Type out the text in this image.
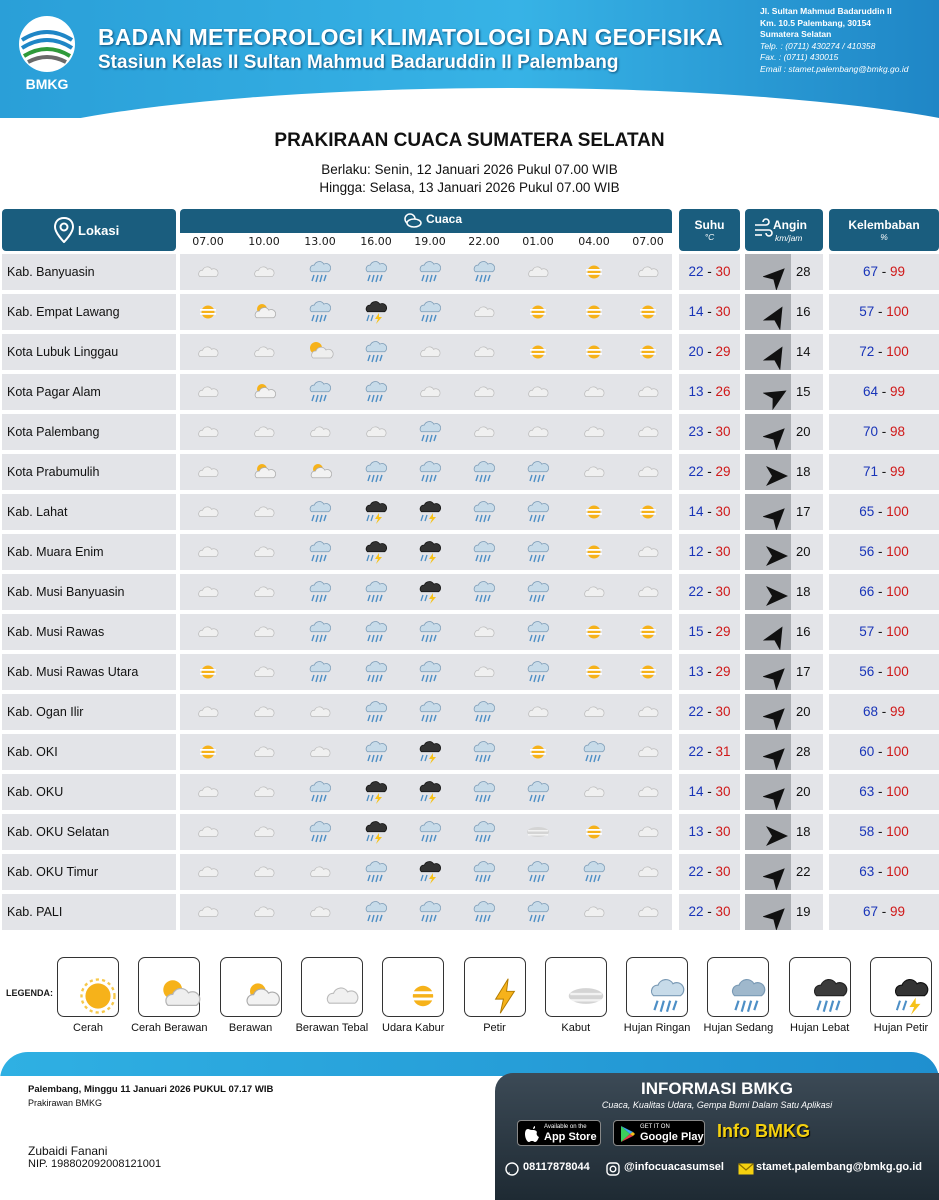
BMKG
BADAN METEOROLOGI KLIMATOLOGI DAN GEOFISIKA
Stasiun Kelas II Sultan Mahmud Badaruddin II Palembang
Jl. Sultan Mahmud Badaruddin II
Km. 10.5 Palembang, 30154
Sumatera Selatan
Telp. : (0711) 430274 / 410358
Fax. : (0711) 430015
Email : stamet.palembang@bmkg.go.id
PRAKIRAAN CUACA SUMATERA SELATAN
Berlaku: Senin, 12 Januari 2026 Pukul 07.00 WIB
Hingga: Selasa, 13 Januari 2026 Pukul 07.00 WIB
Lokasi
Cuaca
07.00	10.00	13.00	16.00	19.00	22.00	01.00	04.00	07.00
Suhu
°C
Angin
km/jam
Kelembaban
%
Kab. Banyuasin	22 - 30	28	67 - 99
Kab. Empat Lawang	14 - 30	16	57 - 100
Kota Lubuk Linggau	20 - 29	14	72 - 100
Kota Pagar Alam	13 - 26	15	64 - 99
Kota Palembang	23 - 30	20	70 - 98
Kota Prabumulih	22 - 29	18	71 - 99
Kab. Lahat	14 - 30	17	65 - 100
Kab. Muara Enim	12 - 30	20	56 - 100
Kab. Musi Banyuasin	22 - 30	18	66 - 100
Kab. Musi Rawas	15 - 29	16	57 - 100
Kab. Musi Rawas Utara	13 - 29	17	56 - 100
Kab. Ogan Ilir	22 - 30	20	68 - 99
Kab. OKI	22 - 31	28	60 - 100
Kab. OKU	14 - 30	20	63 - 100
Kab. OKU Selatan	13 - 30	18	58 - 100
Kab. OKU Timur	22 - 30	22	63 - 100
Kab. PALI	22 - 30	19	67 - 99
LEGENDA:
Cerah	Cerah Berawan	Berawan	Berawan Tebal	Udara Kabur	Petir	Kabut	Hujan Ringan	Hujan Sedang	Hujan Lebat	Hujan Petir
Palembang, Minggu 11 Januari 2026 PUKUL 07.17 WIB
Prakirawan BMKG
Zubaidi Fanani
NIP. 198802092008121001
INFORMASI BMKG
Cuaca, Kualitas Udara, Gempa Bumi Dalam Satu Aplikasi
Available on the
App Store
GET IT ON
Google Play Info BMKG
08117878044	@infocuacasumsel	stamet.palembang@bmkg.go.id
